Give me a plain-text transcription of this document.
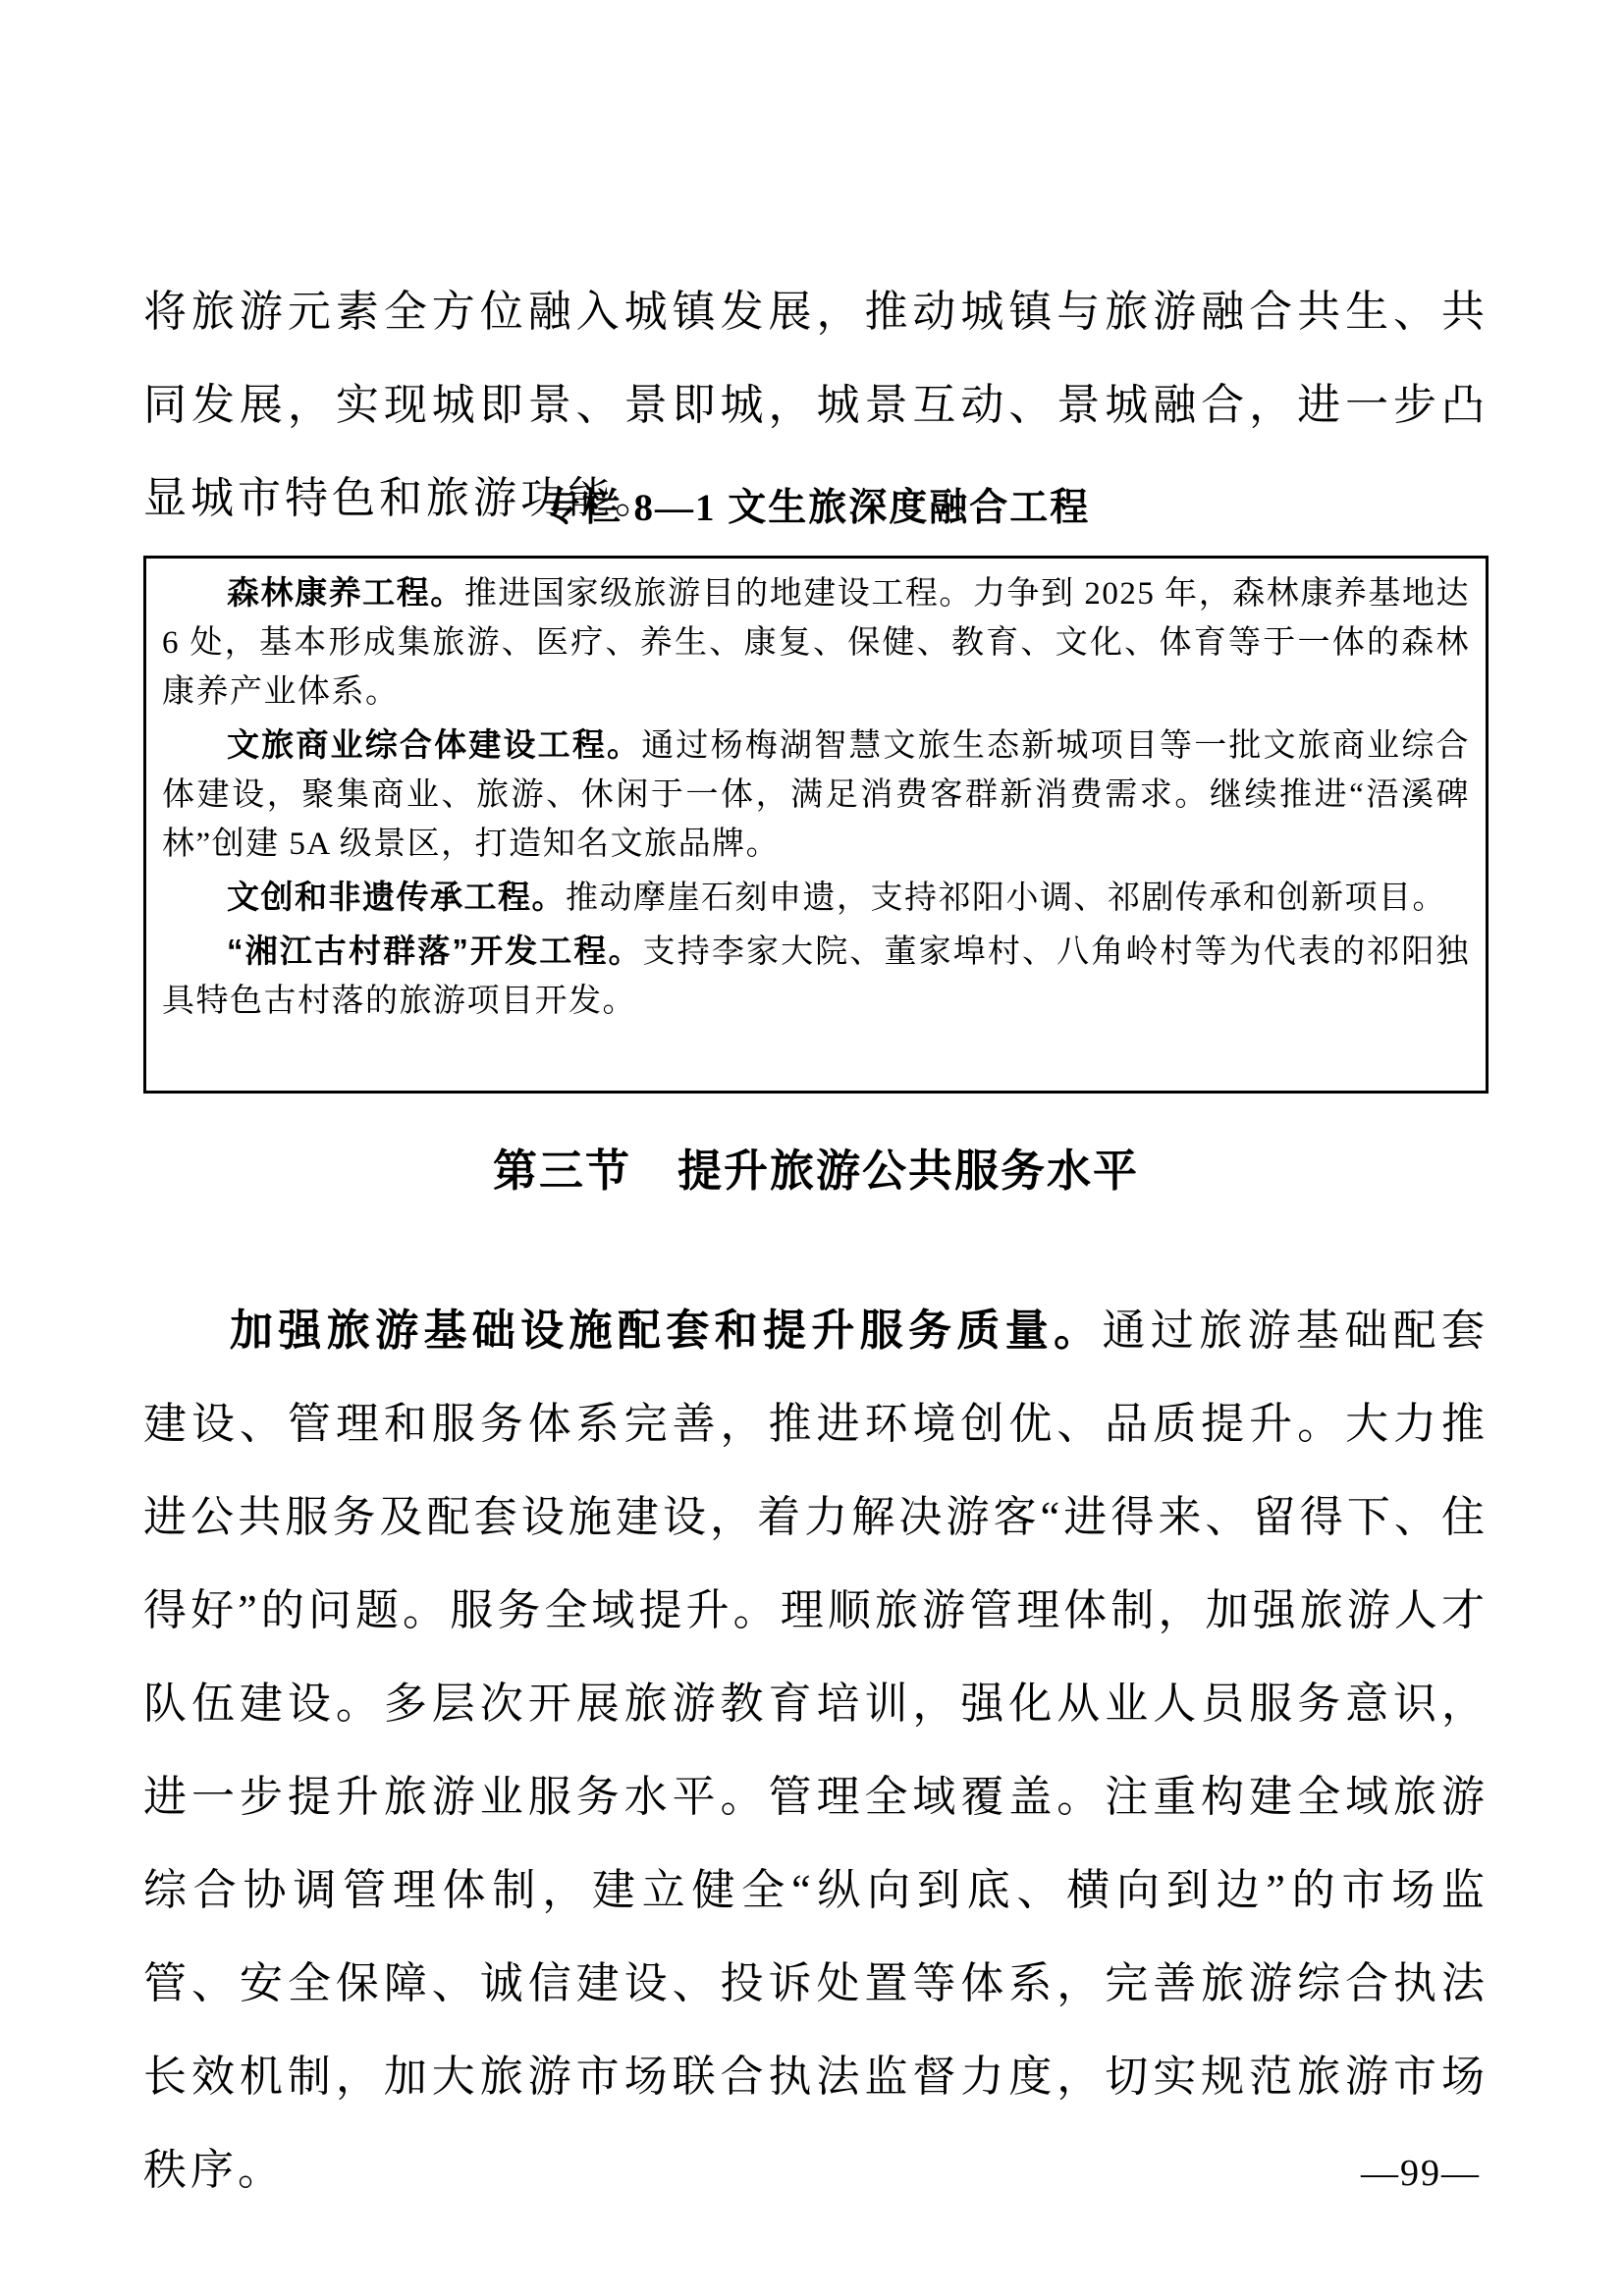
将旅游元素全方位融入城镇发展，推动城镇与旅游融合共生、共同发展，实现城即景、景即城，城景互动、景城融合，进一步凸显城市特色和旅游功能。

专栏 8—1 文生旅深度融合工程

森林康养工程。推进国家级旅游目的地建设工程。力争到 2025 年，森林康养基地达 6 处，基本形成集旅游、医疗、养生、康复、保健、教育、文化、体育等于一体的森林康养产业体系。

文旅商业综合体建设工程。通过杨梅湖智慧文旅生态新城项目等一批文旅商业综合体建设，聚集商业、旅游、休闲于一体，满足消费客群新消费需求。继续推进“浯溪碑林”创建 5A 级景区，打造知名文旅品牌。

文创和非遗传承工程。推动摩崖石刻申遗，支持祁阳小调、祁剧传承和创新项目。

“湘江古村群落”开发工程。支持李家大院、董家埠村、八角岭村等为代表的祁阳独具特色古村落的旅游项目开发。

第三节　提升旅游公共服务水平

加强旅游基础设施配套和提升服务质量。通过旅游基础配套建设、管理和服务体系完善，推进环境创优、品质提升。大力推进公共服务及配套设施建设，着力解决游客“进得来、留得下、住得好”的问题。服务全域提升。理顺旅游管理体制，加强旅游人才队伍建设。多层次开展旅游教育培训，强化从业人员服务意识，进一步提升旅游业服务水平。管理全域覆盖。注重构建全域旅游综合协调管理体制，建立健全“纵向到底、横向到边”的市场监管、安全保障、诚信建设、投诉处置等体系，完善旅游综合执法长效机制，加大旅游市场联合执法监督力度，切实规范旅游市场秩序。	—99—
